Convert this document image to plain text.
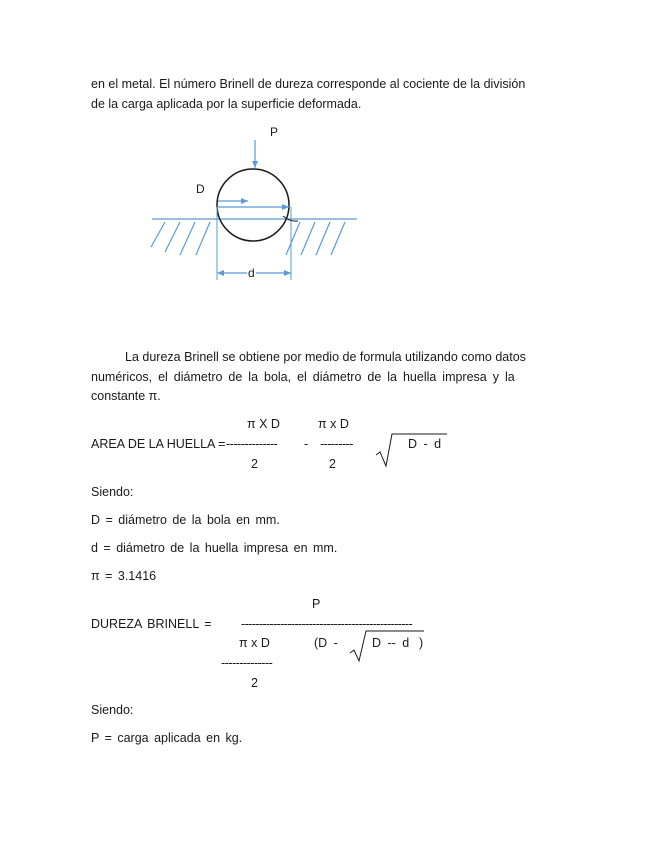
en el metal. El número Brinell de dureza corresponde al cociente de la división
de la carga aplicada por la superficie deformada.
P
D
d
La dureza Brinell se obtiene por medio de formula utilizando como datos
numéricos, el diámetro de la bola, el diámetro de la huella impresa y la
constante π.
π X D	π x D
AREA DE LA HUELLA = -------------- - ---------	D - d
2	2
Siendo:
D = diámetro de la bola en mm.
d = diámetro de la huella impresa en mm.
π = 3.1416
P
DUREZA BRINELL = ------------------------------------------------
π x D	(D -	D -- d )
--------------
2
Siendo:
P = carga aplicada en kg.
